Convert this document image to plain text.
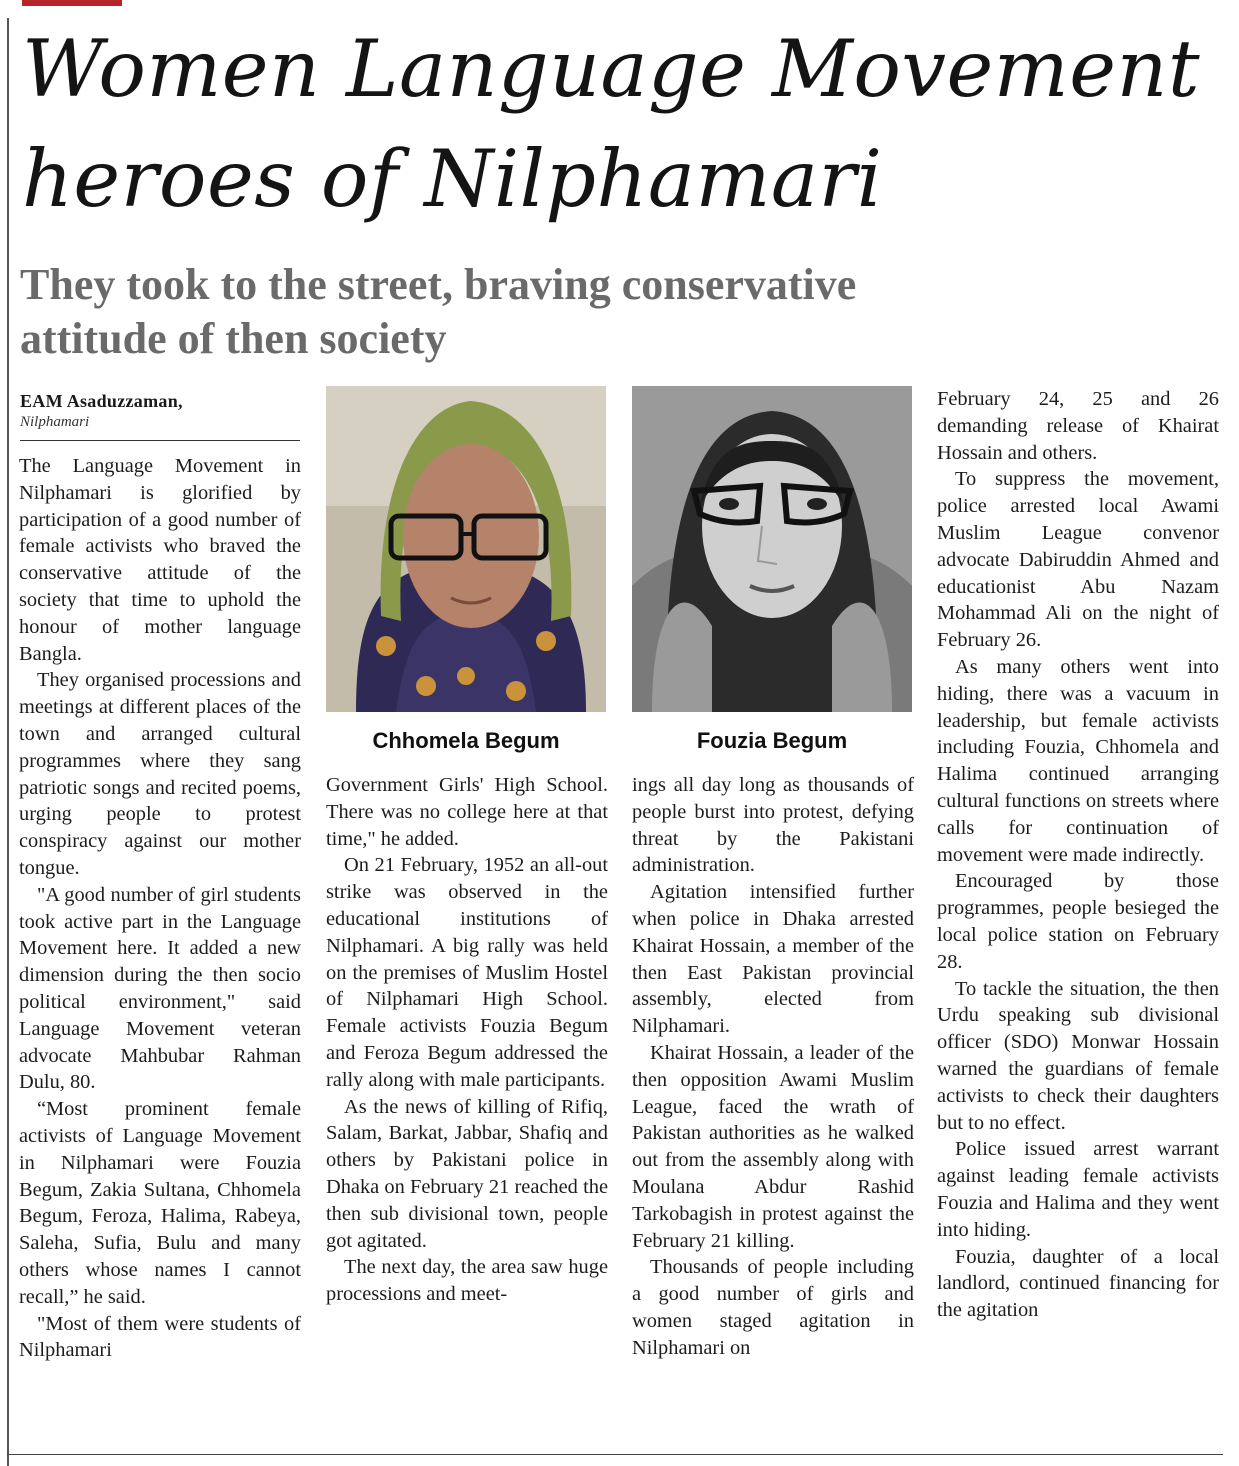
Women Language Movement
heroes of Nilphamari
They took to the street, braving conservative
attitude of then society
EAM Asaduzzaman,
Nilphamari

The Language Movement in Nilphamari is glorified by participation of a good number of female activists who braved the conservative attitude of the society that time to uphold the honour of mother language Bangla.

They organised processions and meetings at different places of the town and arranged cultural programmes where they sang patriotic songs and recited poems, urging people to protest conspiracy against our mother tongue.

"A good number of girl students took active part in the Language Movement here. It added a new dimension during the then socio political environment," said Language Movement veteran advocate Mahbubar Rahman Dulu, 80.

“Most prominent female activists of Language Movement in Nilphamari were Fouzia Begum, Zakia Sultana, Chhomela Begum, Feroza, Halima, Rabeya, Saleha, Sufia, Bulu and many others whose names I cannot recall,” he said.

"Most of them were students of Nilphamari

Chhomela Begum	Fouzia Begum

Government Girls' High School. There was no college here at that time," he added.

On 21 February, 1952 an all-out strike was observed in the educational institutions of Nilphamari. A big rally was held on the premises of Muslim Hostel of Nilphamari High School. Female activists Fouzia Begum and Feroza Begum addressed the rally along with male participants.

As the news of killing of Rifiq, Salam, Barkat, Jabbar, Shafiq and others by Pakistani police in Dhaka on February 21 reached the then sub divisional town, people got agitated.

The next day, the area saw huge processions and meet-

ings all day long as thousands of people burst into protest, defying threat by the Pakistani administration.

Agitation intensified further when police in Dhaka arrested Khairat Hossain, a member of the then East Pakistan provincial assembly, elected from Nilphamari.

Khairat Hossain, a leader of the then opposition Awami Muslim League, faced the wrath of Pakistan authorities as he walked out from the assembly along with Moulana Abdur Rashid Tarkobagish in protest against the February 21 killing.

Thousands of people including a good number of girls and women staged agitation in Nilphamari on

February 24, 25 and 26 demanding release of Khairat Hossain and others.

To suppress the movement, police arrested local Awami Muslim League convenor advocate Dabiruddin Ahmed and educationist Abu Nazam Mohammad Ali on the night of February 26.

As many others went into hiding, there was a vacuum in leadership, but female activists including Fouzia, Chhomela and Halima continued arranging cultural functions on streets where calls for continuation of movement were made indirectly.

Encouraged by those programmes, people besieged the local police station on February 28.

To tackle the situation, the then Urdu speaking sub divisional officer (SDO) Monwar Hossain warned the guardians of female activists to check their daughters but to no effect.

Police issued arrest warrant against leading female activists Fouzia and Halima and they went into hiding.

Fouzia, daughter of a local landlord, continued financing for the agitation
